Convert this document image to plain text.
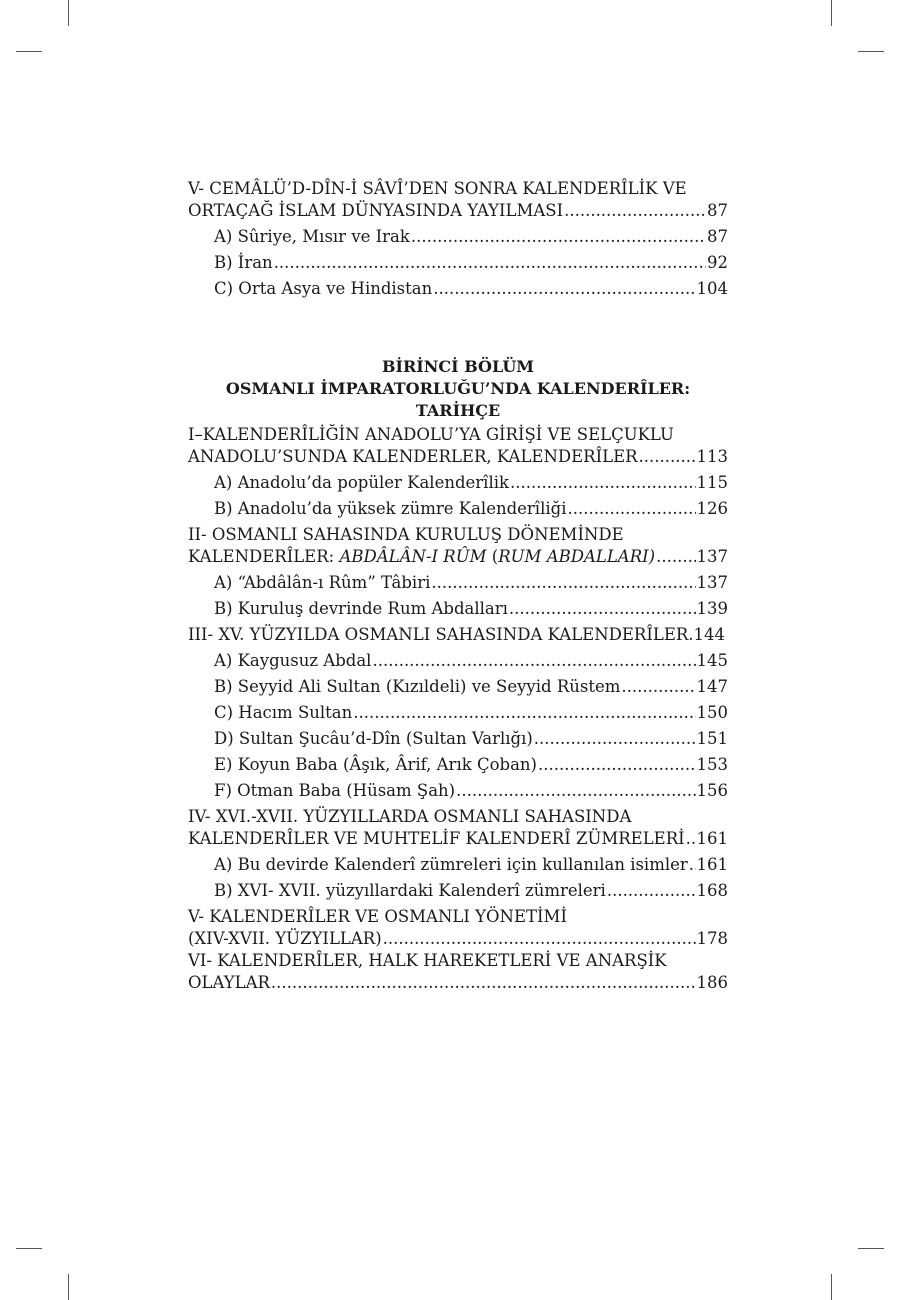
V- CEMÂLÜ’D-DÎN-İ SÂVÎ’DEN SONRA KALENDERÎLİK VE
ORTAÇAĞ İSLAM DÜNYASINDA YAYILMASI .....	87
A) Sûriye, Mısır ve Irak .....	87
B) İran .....	92
C) Orta Asya ve Hindistan .....	104
BİRİNCİ BÖLÜM
OSMANLI İMPARATORLUĞU’NDA KALENDERÎLER:
TARİHÇE
I–KALENDERÎLİĞİN ANADOLU’YA GİRİŞİ VE SELÇUKLU
ANADOLU’SUNDA KALENDERLER, KALENDERÎLER .....	113
A) Anadolu’da popüler Kalenderîlik .....	115
B) Anadolu’da yüksek zümre Kalenderîliği .....	126
II- OSMANLI SAHASINDA KURULUŞ DÖNEMİNDE
KALENDERÎLER: ABDÂLÂN-I RÛM (RUM ABDALLARI) .....	137
A) “Abdâlân-ı Rûm” Tâbiri .....	137
B) Kuruluş devrinde Rum Abdalları .....	139
III- XV. YÜZYILDA OSMANLI SAHASINDA KALENDERÎLER. 144
A) Kaygusuz Abdal .....	145
B) Seyyid Ali Sultan (Kızıldeli) ve Seyyid Rüstem .....	147
C) Hacım Sultan .....	150
D) Sultan Şucâu’d-Dîn (Sultan Varlığı) .....	151
E) Koyun Baba (Âşık, Ârif, Arık Çoban) .....	153
F) Otman Baba (Hüsam Şah) .....	156
IV- XVI.-XVII. YÜZYILLARDA OSMANLI SAHASINDA
KALENDERÎLER VE MUHTELİF KALENDERÎ ZÜMRELERİ ..... 161
A) Bu devirde Kalenderî zümreleri için kullanılan isimler ..... 161
B) XVI- XVII. yüzyıllardaki Kalenderî zümreleri .....	168
V- KALENDERÎLER VE OSMANLI YÖNETİMİ
(XIV-XVII. YÜZYILLAR) .....	178
VI- KALENDERÎLER, HALK HAREKETLERİ VE ANARŞİK
OLAYLAR .....	186
